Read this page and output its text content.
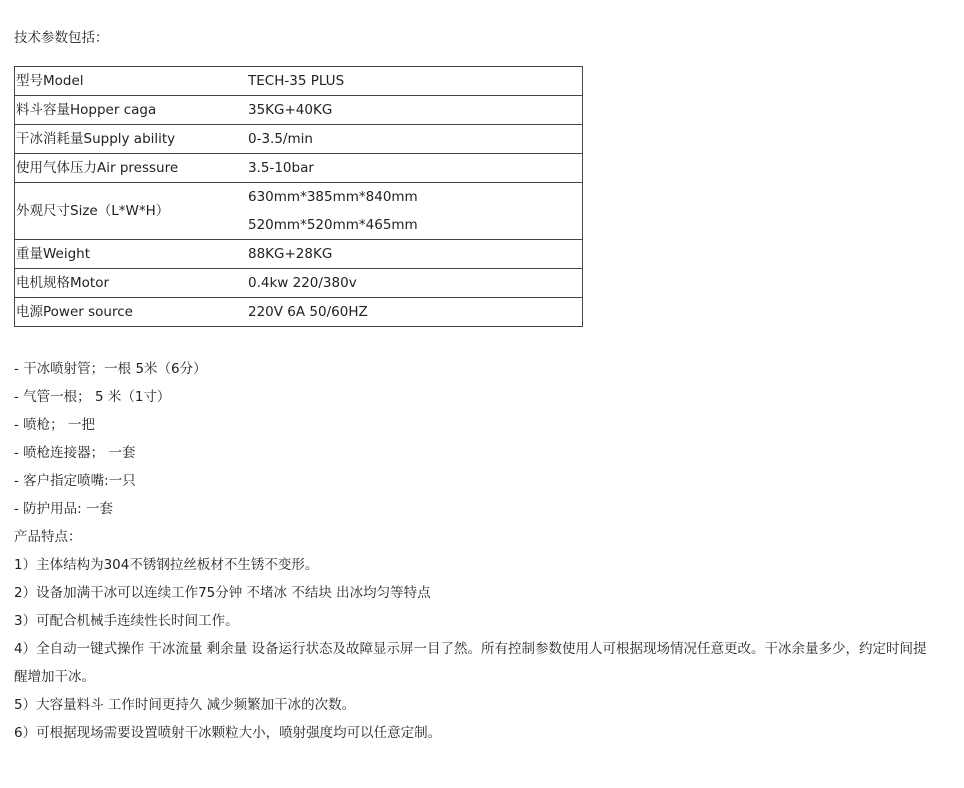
技术参数包括：
型号Model	TECH-35 PLUS

料斗容量Hopper caga	35KG+40KG

干冰消耗量Supply ability	0-3.5/min

使用气体压力Air pressure	3.5-10bar

外观尺寸Size（L*W*H）	630mm*385mm*840mm
520mm*520mm*465mm

重量Weight	88KG+28KG

电机规格Motor	0.4kw 220/380v

电源Power source	220V 6A 50/60HZ
- 干冰喷射管；一根 5米（6分）
- 气管一根； 5 米（1寸）
- 喷枪； 一把
- 喷枪连接器； 一套
- 客户指定喷嘴:一只
- 防护用品: 一套
产品特点：
1）主体结构为304不锈钢拉丝板材不生锈不变形。
2）设备加满干冰可以连续工作75分钟 不堵冰 不结块 出冰均匀等特点
3）可配合机械手连续性长时间工作。
4）全自动一键式操作 干冰流量 剩余量 设备运行状态及故障显示屏一目了然。所有控制参数使用人可根据现场情况任意更改。干冰余量多少，约定时间提醒增加干冰。
5）大容量料斗 工作时间更持久 减少频繁加干冰的次数。
6）可根据现场需要设置喷射干冰颗粒大小，喷射强度均可以任意定制。
